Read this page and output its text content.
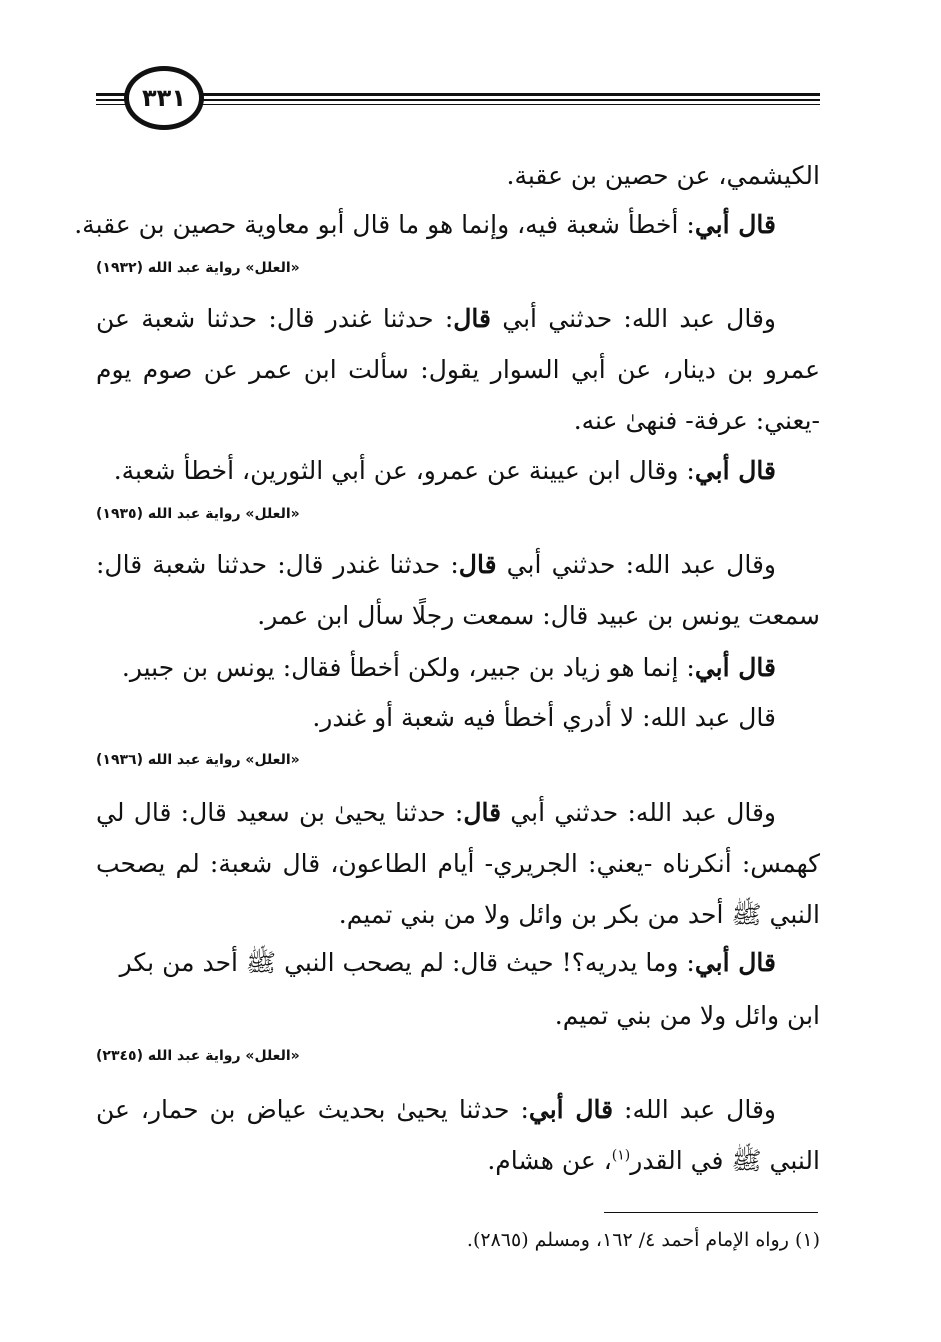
٣٣١
الكيشمي، عن حصين بن عقبة.
قال أبي: أخطأ شعبة فيه، وإنما هو ما قال أبو معاوية حصين بن عقبة.
«العلل» رواية عبد الله (١٩٣٢)
وقال عبد الله: حدثني أبي قال: حدثنا غندر قال: حدثنا شعبة عن
عمرو بن دينار، عن أبي السوار يقول: سألت ابن عمر عن صوم يوم
-يعني: عرفة- فنهىٰ عنه.
قال أبي: وقال ابن عيينة عن عمرو، عن أبي الثورين، أخطأ شعبة.
«العلل» رواية عبد الله (١٩٣٥)
وقال عبد الله: حدثني أبي قال: حدثنا غندر قال: حدثنا شعبة قال:
سمعت يونس بن عبيد قال: سمعت رجلًا سأل ابن عمر.
قال أبي: إنما هو زياد بن جبير، ولكن أخطأ فقال: يونس بن جبير.
قال عبد الله: لا أدري أخطأ فيه شعبة أو غندر.
«العلل» رواية عبد الله (١٩٣٦)
وقال عبد الله: حدثني أبي قال: حدثنا يحيىٰ بن سعيد قال: قال لي
كهمس: أنكرناه -يعني: الجريري- أيام الطاعون، قال شعبة: لم يصحب
النبي ﷺ أحد من بكر بن وائل ولا من بني تميم.
قال أبي: وما يدريه؟! حيث قال: لم يصحب النبي ﷺ أحد من بكر
ابن وائل ولا من بني تميم.
«العلل» رواية عبد الله (٢٣٤٥)
وقال عبد الله: قال أبي: حدثنا يحيىٰ بحديث عياض بن حمار، عن
النبي ﷺ في القدر$^{(١)}$، عن هشام.
(١) رواه الإمام أحمد ٤/ ١٦٢، ومسلم (٢٨٦٥).
